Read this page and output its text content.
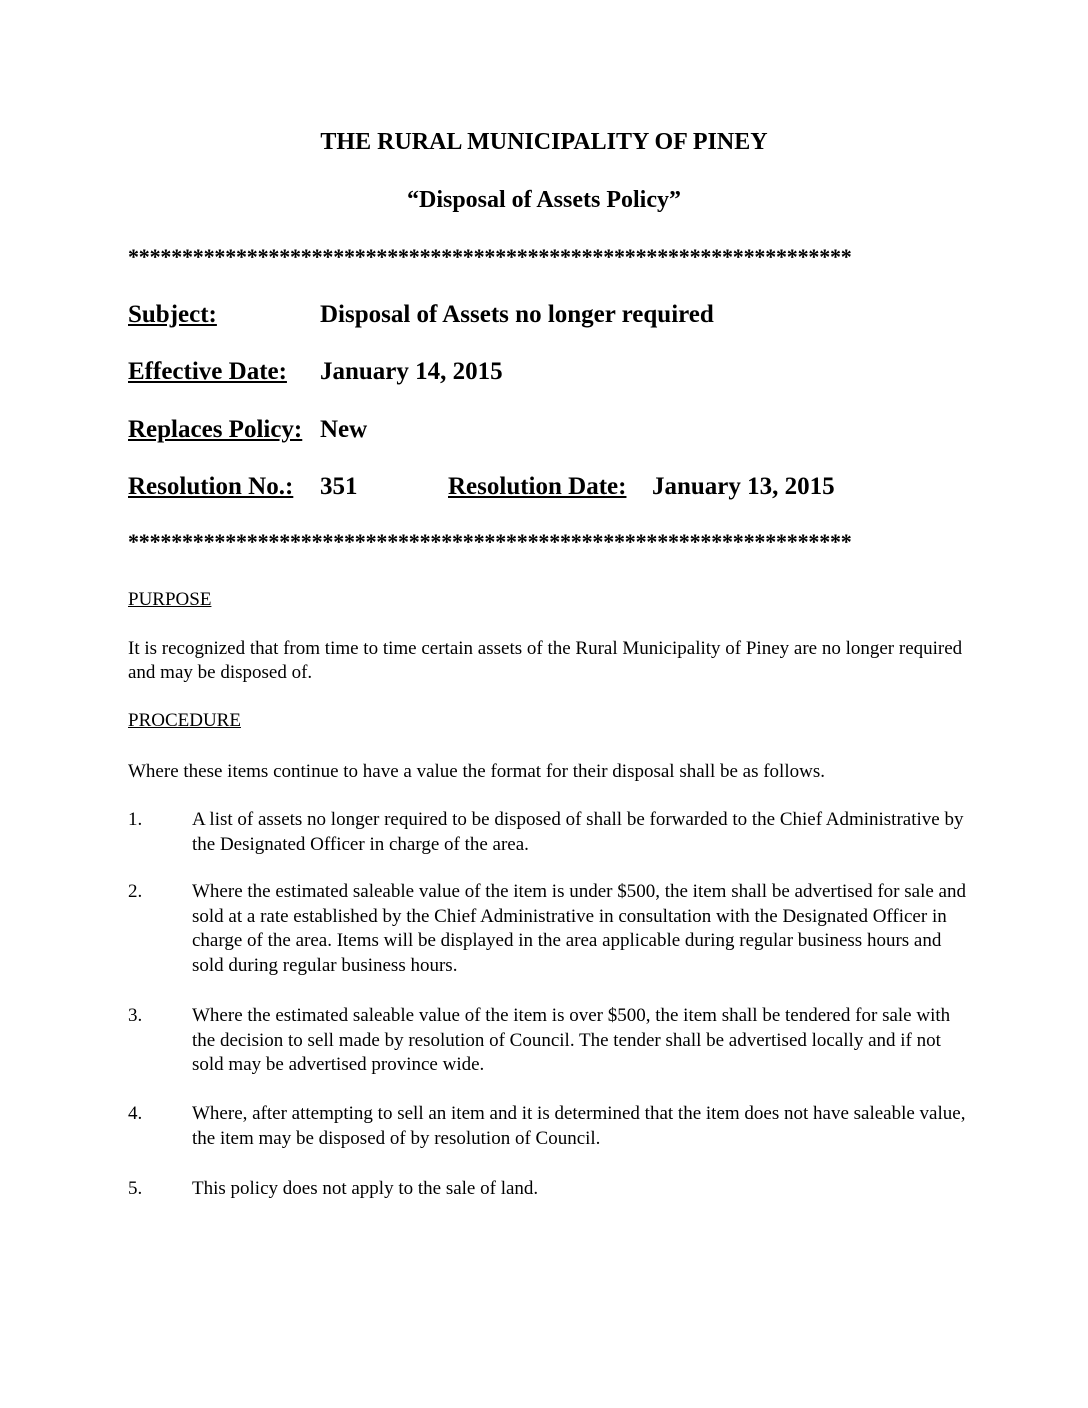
THE RURAL MUNICIPALITY OF PINEY
“Disposal of Assets Policy”
*******************************************************************
Subject:	Disposal of Assets no longer required
Effective Date: January 14, 2015
Replaces Policy: New
Resolution No.: 351	Resolution Date: January 13, 2015
*******************************************************************
PURPOSE
It is recognized that from time to time certain assets of the Rural Municipality of Piney are no longer required and may be disposed of.
PROCEDURE
Where these items continue to have a value the format for their disposal shall be as follows.
1.	A list of assets no longer required to be disposed of shall be forwarded to the Chief Administrative by the Designated Officer in charge of the area.
2.	Where the estimated saleable value of the item is under $500, the item shall be advertised for sale and sold at a rate established by the Chief Administrative in consultation with the Designated Officer in charge of the area. Items will be displayed in the area applicable during regular business hours and sold during regular business hours.
3.	Where the estimated saleable value of the item is over $500, the item shall be tendered for sale with the decision to sell made by resolution of Council. The tender shall be advertised locally and if not sold may be advertised province wide.
4.	Where, after attempting to sell an item and it is determined that the item does not have saleable value, the item may be disposed of by resolution of Council.
5.	This policy does not apply to the sale of land.
